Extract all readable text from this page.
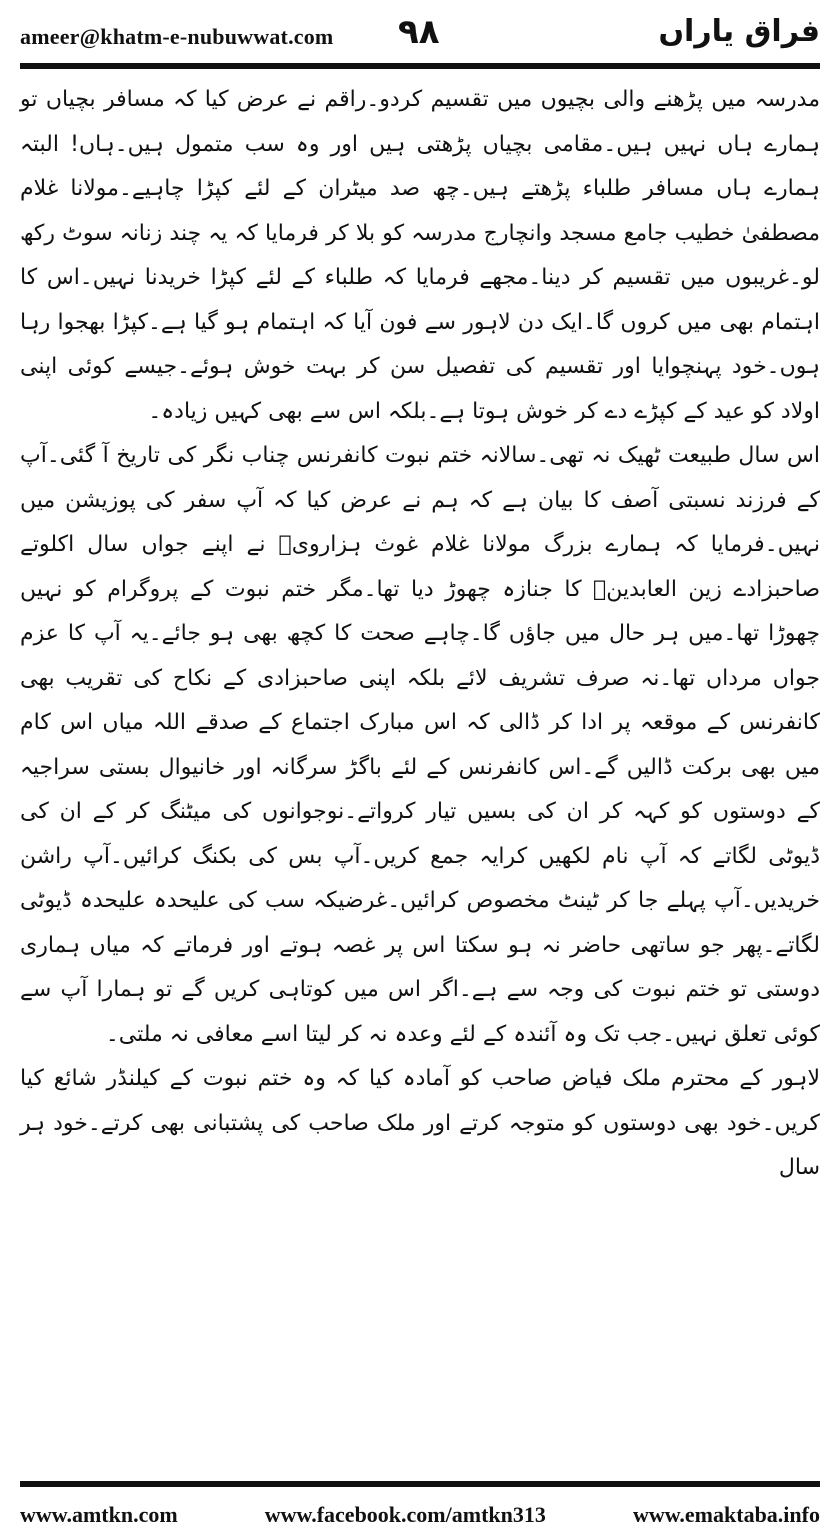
ameer@khatm-e-nubuwwat.com ۹۸	فراق یاراں

مدرسہ میں پڑھنے والی بچیوں میں تقسیم کردو۔راقم نے عرض کیا کہ مسافر بچیاں تو ہمارے ہاں نہیں ہیں۔مقامی بچیاں پڑھتی ہیں اور وہ سب متمول ہیں۔ہاں! البتہ ہمارے ہاں مسافر طلباء پڑھتے ہیں۔چھ صد میٹران کے لئے کپڑا چاہیے۔مولانا غلام مصطفیٰ خطیب جامع مسجد وانچارج مدرسہ کو بلا کر فرمایا کہ یہ چند زنانہ سوٹ رکھ لو۔غریبوں میں تقسیم کر دینا۔مجھے فرمایا کہ طلباء کے لئے کپڑا خریدنا نہیں۔اس کا اہتمام بھی میں کروں گا۔ایک دن لاہور سے فون آیا کہ اہتمام ہو گیا ہے۔کپڑا بھجوا رہا ہوں۔خود پہنچوایا اور تقسیم کی تفصیل سن کر بہت خوش ہوئے۔جیسے کوئی اپنی اولاد کو عید کے کپڑے دے کر خوش ہوتا ہے۔بلکہ اس سے بھی کہیں زیادہ۔

اس سال طبیعت ٹھیک نہ تھی۔سالانہ ختم نبوت کانفرنس چناب نگر کی تاریخ آ گئی۔آپ کے فرزند نسبتی آصف کا بیان ہے کہ ہم نے عرض کیا کہ آپ سفر کی پوزیشن میں نہیں۔فرمایا کہ ہمارے بزرگ مولانا غلام غوث ہزارویؒ نے اپنے جواں سال اکلوتے صاحبزادے زین العابدینؒ کا جنازہ چھوڑ دیا تھا۔مگر ختم نبوت کے پروگرام کو نہیں چھوڑا تھا۔میں ہر حال میں جاؤں گا۔چاہے صحت کا کچھ بھی ہو جائے۔یہ آپ کا عزم جواں مرداں تھا۔نہ صرف تشریف لائے بلکہ اپنی صاحبزادی کے نکاح کی تقریب بھی کانفرنس کے موقعہ پر ادا کر ڈالی کہ اس مبارک اجتماع کے صدقے اللہ میاں اس کام میں بھی برکت ڈالیں گے۔اس کانفرنس کے لئے باگڑ سرگانہ اور خانیوال بستی سراجیہ کے دوستوں کو کہہ کر ان کی بسیں تیار کرواتے۔نوجوانوں کی میٹنگ کر کے ان کی ڈیوٹی لگاتے کہ آپ نام لکھیں کرایہ جمع کریں۔آپ بس کی بکنگ کرائیں۔آپ راشن خریدیں۔آپ پہلے جا کر ٹینٹ مخصوص کرائیں۔غرضیکہ سب کی علیحدہ علیحدہ ڈیوٹی لگاتے۔پھر جو ساتھی حاضر نہ ہو سکتا اس پر غصہ ہوتے اور فرماتے کہ میاں ہماری دوستی تو ختم نبوت کی وجہ سے ہے۔اگر اس میں کوتاہی کریں گے تو ہمارا آپ سے کوئی تعلق نہیں۔جب تک وہ آئندہ کے لئے وعدہ نہ کر لیتا اسے معافی نہ ملتی۔

لاہور کے محترم ملک فیاض صاحب کو آمادہ کیا کہ وہ ختم نبوت کے کیلنڈر شائع کیا کریں۔خود بھی دوستوں کو متوجہ کرتے اور ملک صاحب کی پشتبانی بھی کرتے۔خود ہر سال

www.amtkn.com	www.facebook.com/amtkn313	www.emaktaba.info
